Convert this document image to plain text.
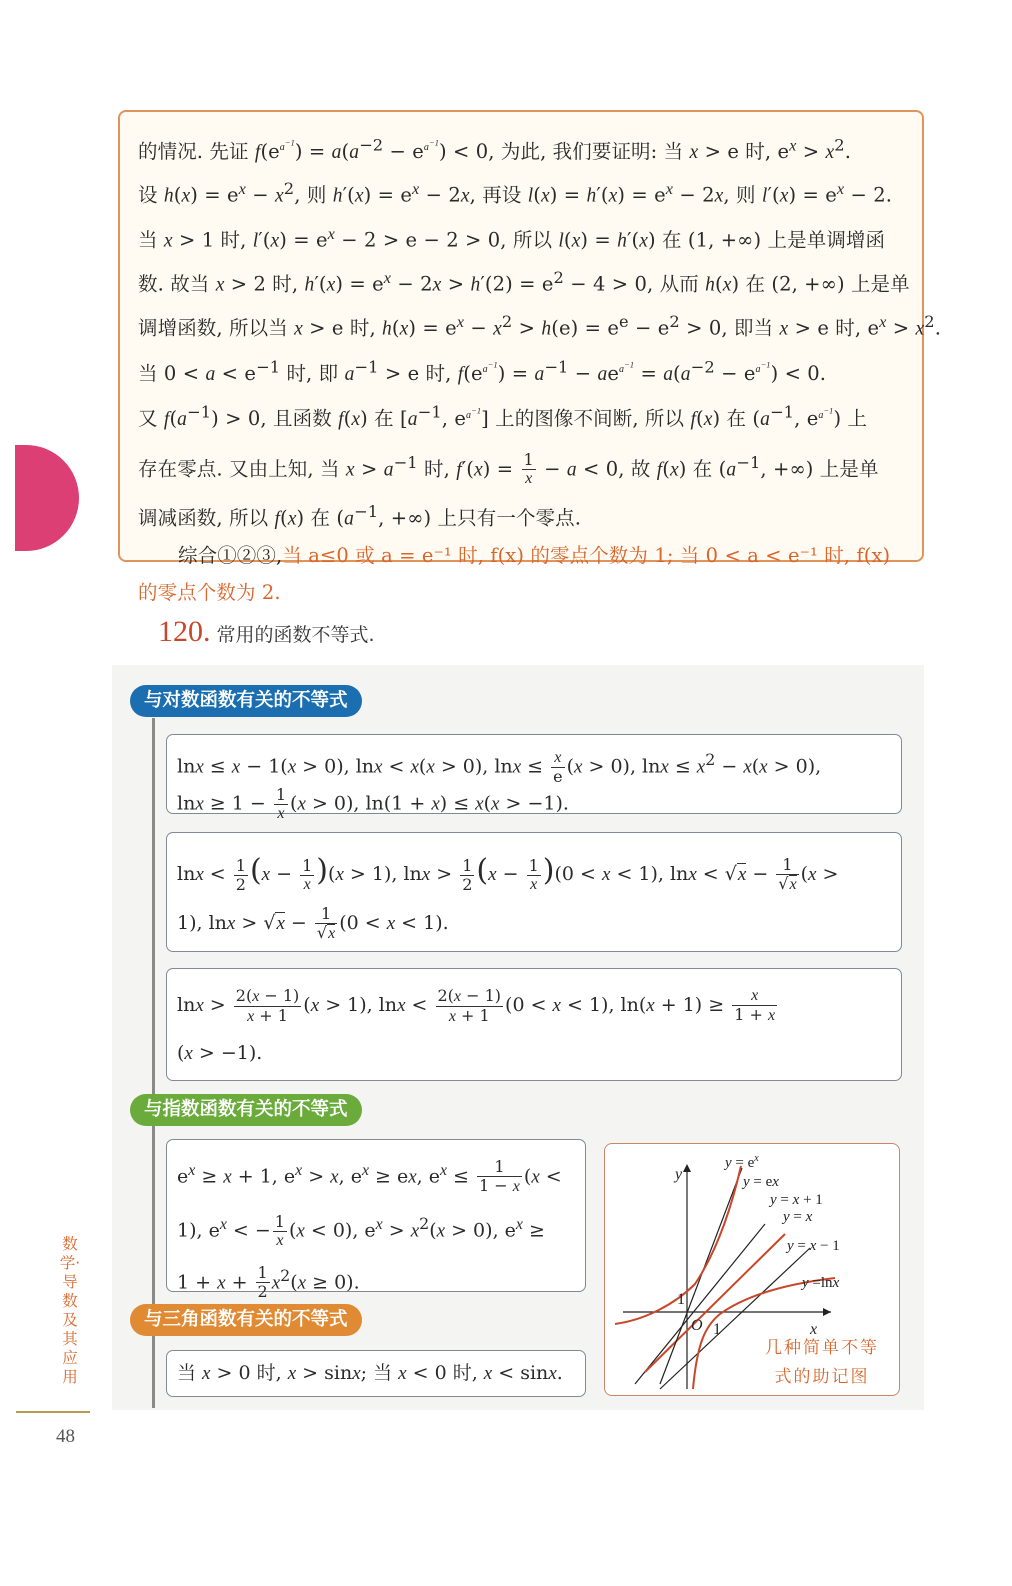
的情况. 先证 $f(e^{a^{-1}}) = a(a^{-2} - e^{a^{-1}}) < 0$, 为此, 我们要证明: 当 x > e 时, $e^x > x^2$.
设 $h(x) = e^x - x^2$, 则 $h'(x) = e^x - 2x$, 再设 $l(x) = h'(x) = e^x - 2x$, 则 $l'(x) = e^x - 2$.
当 x > 1 时, $l'(x) = e^x - 2 > e - 2 > 0$, 所以 l(x) = h′(x) 在 (1, +∞) 上是单调增函
数. 故当 x > 2 时, $h'(x) = e^x - 2x > h'(2) = e^2 - 4 > 0$, 从而 h(x) 在 (2, +∞) 上是单
调增函数, 所以当 x > e 时, $h(x) = e^x - x^2 > h(e) = e^e - e^2 > 0$, 即当 x > e 时, $e^x > x^2$.
当 $0 < a < e^{-1}$ 时, 即 $a^{-1} > e$ 时, $f(e^{a^{-1}}) = a^{-1} - ae^{a^{-1}} = a(a^{-2} - e^{a^{-1}}) < 0$.
又 $f(a^{-1}) > 0$, 且函数 f(x) 在 [$a^{-1}$, $e^{a^{-1}}$] 上的图像不间断, 所以 f(x) 在 ($a^{-1}$, $e^{a^{-1}}$) 上
存在零点. 又由上知, 当 $x > a^{-1}$ 时, $f'(x) = \frac{1}{x} - a < 0$, 故 f(x) 在 ($a^{-1}$, +∞) 上是单
调减函数, 所以 f(x) 在 ($a^{-1}$, +∞) 上只有一个零点.
综合①②③,当 a≤0 或 a = e⁻¹ 时, f(x) 的零点个数为 1; 当 0 < a < e⁻¹ 时, f(x)
的零点个数为 2.
120. 常用的函数不等式.
与对数函数有关的不等式
lnx ≤ x − 1(x > 0), lnx < x(x > 0), $\ln x \le \frac{x}{e} (x > 0)$, $\ln x \le x^2 - x(x > 0)$,
$\ln x \ge 1 - \frac{1}{x} (x > 0)$, ln(1 + x) ≤ x(x > −1).
$\ln x < \frac{1}{2} (x - \frac{1}{x} )(x > 1)$, $\ln x > \frac{1}{2} (x - \frac{1}{x} )(0 < x < 1)$, $\ln x < √x - \frac{1}{√x} (x$ >
1), $\ln x > √x - \frac{1}{√x} (0 < x < 1)$.
$\ln x > \frac{2(x - 1)}{x + 1} (x > 1)$, $\ln x < \frac{2(x - 1)}{x + 1} (0 < x < 1)$, $\ln(x + 1) \ge \frac{x}{1 + x}$
(x > −1).
与指数函数有关的不等式
$e^x \ge x + 1$, $e^x > x$, $e^x$ ≥ ex, $e^x \le \frac{1}{1 - x} (x$ <
1), $e^x$ < − $\frac{1}{x} (x < 0)$, $e^x > x^2(x > 0)$, $e^x$ ≥
$1 + x + \frac{1}{2} x^2(x \ge 0)$.
与三角函数有关的不等式
当 x > 0 时, x > sinx; 当 x < 0 时, x < sinx.
y
x
1
O 1
$y = e^x$
y = ex
y = x + 1
y = x
y = x − 1
y =lnx
几种简单不等
式的助记图
数学·导数及其应用
48
